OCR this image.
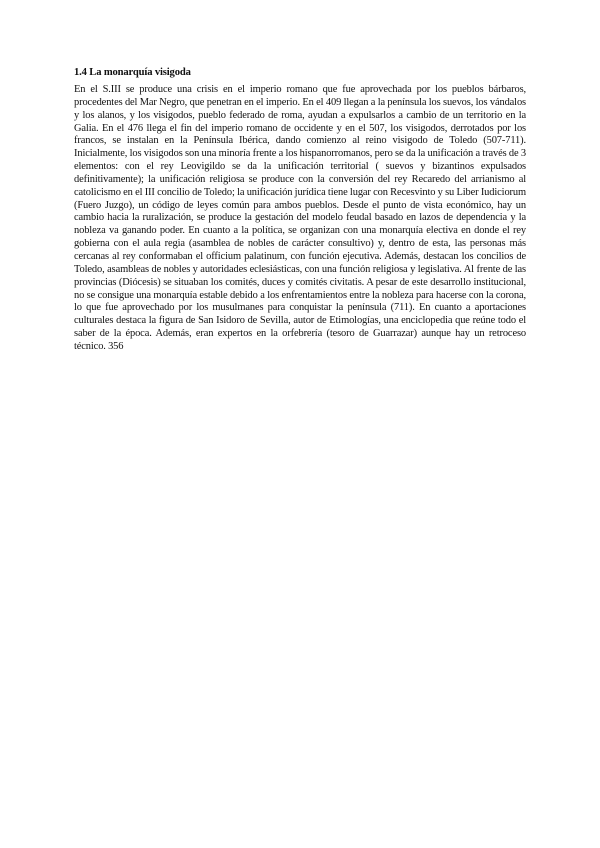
1.4 La monarquía visigoda

En el S.III se produce una crisis en el imperio romano que fue aprovechada por los pueblos bárbaros, procedentes del Mar Negro, que penetran en el imperio. En el 409 llegan a la península los suevos, los vándalos y los alanos, y los visigodos, pueblo federado de roma, ayudan a expulsarlos a cambio de un territorio en la Galia. En el 476 llega el fin del imperio romano de occidente y en el 507, los visigodos, derrotados por los francos, se instalan en la Península Ibérica, dando comienzo al reino visigodo de Toledo (507-711). Inicialmente, los visigodos son una minoría frente a los hispanorromanos, pero se da la unificación a través de 3 elementos: con el rey Leovigildo se da la unificación territorial ( suevos y bizantinos expulsados definitivamente); la unificación religiosa se produce con la conversión del rey Recaredo del arrianismo al catolicismo en el III concilio de Toledo; la unificación jurídica tiene lugar con Recesvinto y su Liber Iudiciorum (Fuero Juzgo), un código de leyes común para ambos pueblos. Desde el punto de vista económico, hay un cambio hacia la ruralización, se produce la gestación del modelo feudal basado en lazos de dependencia y la nobleza va ganando poder. En cuanto a la política, se organizan con una monarquía electiva en donde el rey gobierna con el aula regia (asamblea de nobles de carácter consultivo) y, dentro de esta, las personas más cercanas al rey conformaban el officium palatinum, con función ejecutiva. Además, destacan los concilios de Toledo, asambleas de nobles y autoridades eclesiásticas, con una función religiosa y legislativa. Al frente de las provincias (Diócesis) se situaban los comités, duces y comités civitatis. A pesar de este desarrollo institucional, no se consigue una monarquía estable debido a los enfrentamientos entre la nobleza para hacerse con la corona, lo que fue aprovechado por los musulmanes para conquistar la península (711). En cuanto a aportaciones culturales destaca la figura de San Isidoro de Sevilla, autor de Etimologías, una enciclopedia que reúne todo el saber de la época. Además, eran expertos en la orfebrería (tesoro de Guarrazar) aunque hay un retroceso técnico. 356
